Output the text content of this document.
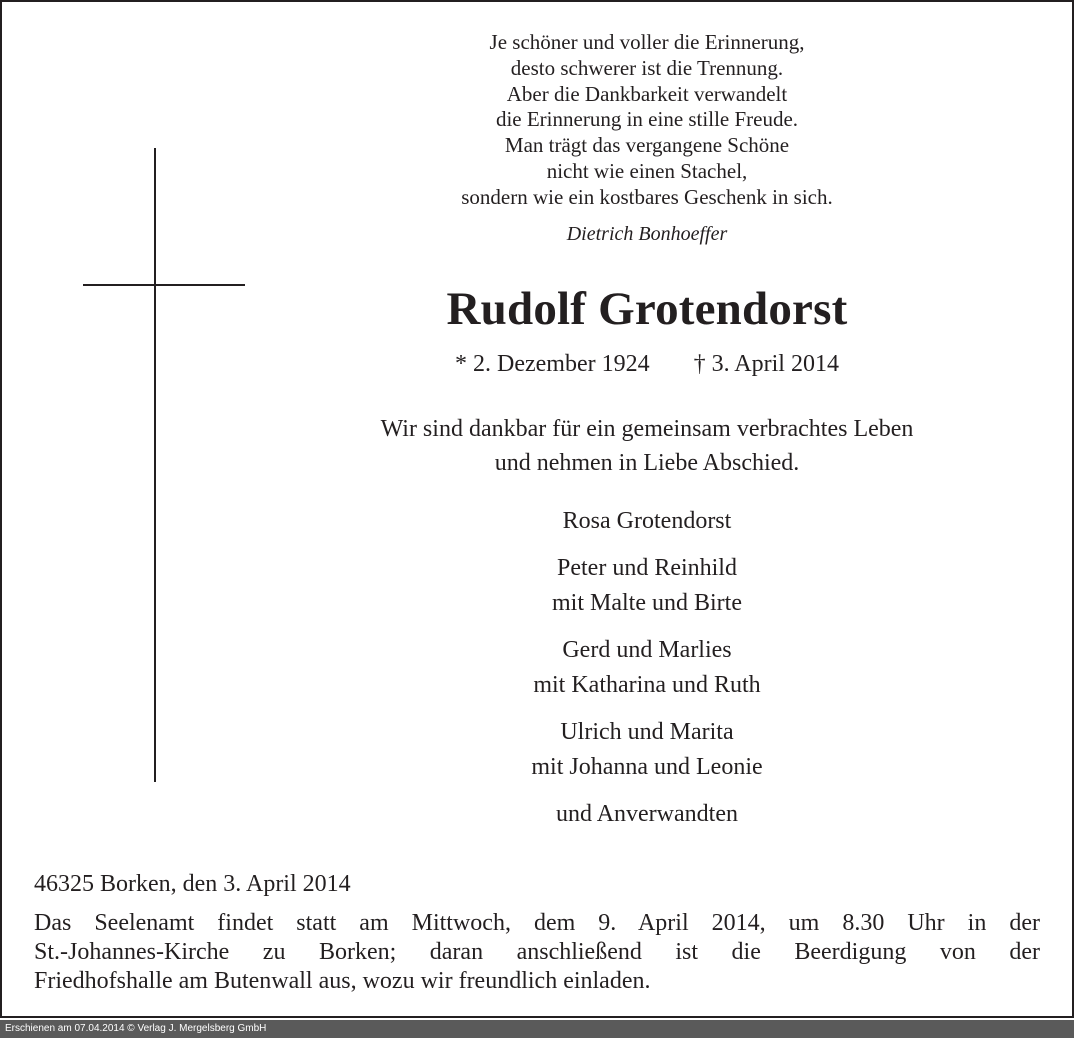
Je schöner und voller die Erinnerung,
desto schwerer ist die Trennung.
Aber die Dankbarkeit verwandelt
die Erinnerung in eine stille Freude.
Man trägt das vergangene Schöne
nicht wie einen Stachel,
sondern wie ein kostbares Geschenk in sich.
Dietrich Bonhoeffer
Rudolf Grotendorst
* 2. Dezember 1924 † 3. April 2014
Wir sind dankbar für ein gemeinsam verbrachtes Leben
und nehmen in Liebe Abschied.
Rosa Grotendorst
Peter und Reinhild
mit Malte und Birte
Gerd und Marlies
mit Katharina und Ruth
Ulrich und Marita
mit Johanna und Leonie
und Anverwandten
46325 Borken, den 3. April 2014
Das Seelenamt findet statt am Mittwoch, dem 9. April 2014, um 8.30 Uhr in der
St.-Johannes-Kirche zu Borken; daran anschließend ist die Beerdigung von der
Friedhofshalle am Butenwall aus, wozu wir freundlich einladen.
Erschienen am 07.04.2014 © Verlag J. Mergelsberg GmbH
